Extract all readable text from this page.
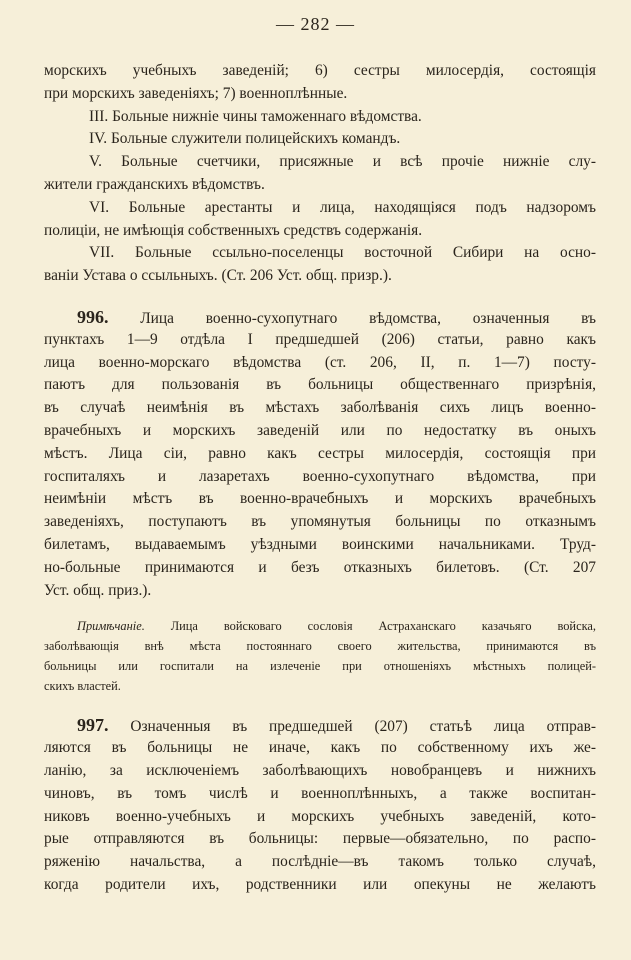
— 282 —
морскихъ учебныхъ заведеній; 6) сестры милосердія, состоящія
при морскихъ заведеніяхъ; 7) военноплѣнные.
III. Больные нижніе чины таможеннаго вѣдомства.
IV. Больные служители полицейскихъ командъ.
V. Больные счетчики, присяжные и всѣ прочіе нижніе слу-
жители гражданскихъ вѣдомствъ.
VI. Больные арестанты и лица, находящіяся подъ надзоромъ
полиціи, не имѣющія собственныхъ средствъ содержанія.
VII. Больные ссыльно-поселенцы восточной Сибири на осно-
ваніи Устава о ссыльныхъ. (Ст. 206 Уст. общ. призр.).
996. Лица военно-сухопутнаго вѣдомства, означенныя въ
пунктахъ 1—9 отдѣла I предшедшей (206) статьи, равно какъ
лица военно-морскаго вѣдомства (ст. 206, II, п. 1—7) посту-
паютъ для пользованія въ больницы общественнаго призрѣнія,
въ случаѣ неимѣнія въ мѣстахъ заболѣванія сихъ лицъ военно-
врачебныхъ и морскихъ заведеній или по недостатку въ оныхъ
мѣстъ. Лица сіи, равно какъ сестры милосердія, состоящія при
госпиталяхъ и лазаретахъ военно-сухопутнаго вѣдомства, при
неимѣніи мѣстъ въ военно-врачебныхъ и морскихъ врачебныхъ
заведеніяхъ, поступаютъ въ упомянутыя больницы по отказнымъ
билетамъ, выдаваемымъ уѣздными воинскими начальниками. Труд-
но-больные принимаются и безъ отказныхъ билетовъ. (Ст. 207
Уст. общ. приз.).
Примѣчаніе. Лица войсковаго сословія Астраханскаго казачьяго войска,
заболѣвающія внѣ мѣста постояннаго своего жительства, принимаются въ
больницы или госпитали на излеченіе при отношеніяхъ мѣстныхъ полицей-
скихъ властей.
997. Означенныя въ предшедшей (207) статьѣ лица отправ-
ляются въ больницы не иначе, какъ по собственному ихъ же-
ланію, за исключеніемъ заболѣвающихъ новобранцевъ и нижнихъ
чиновъ, въ томъ числѣ и военноплѣнныхъ, а также воспитан-
никовъ военно-учебныхъ и морскихъ учебныхъ заведеній, кото-
рые отправляются въ больницы: первые—обязательно, по распо-
ряженію начальства, а послѣдніе—въ такомъ только случаѣ,
когда родители ихъ, родственники или опекуны не желаютъ
